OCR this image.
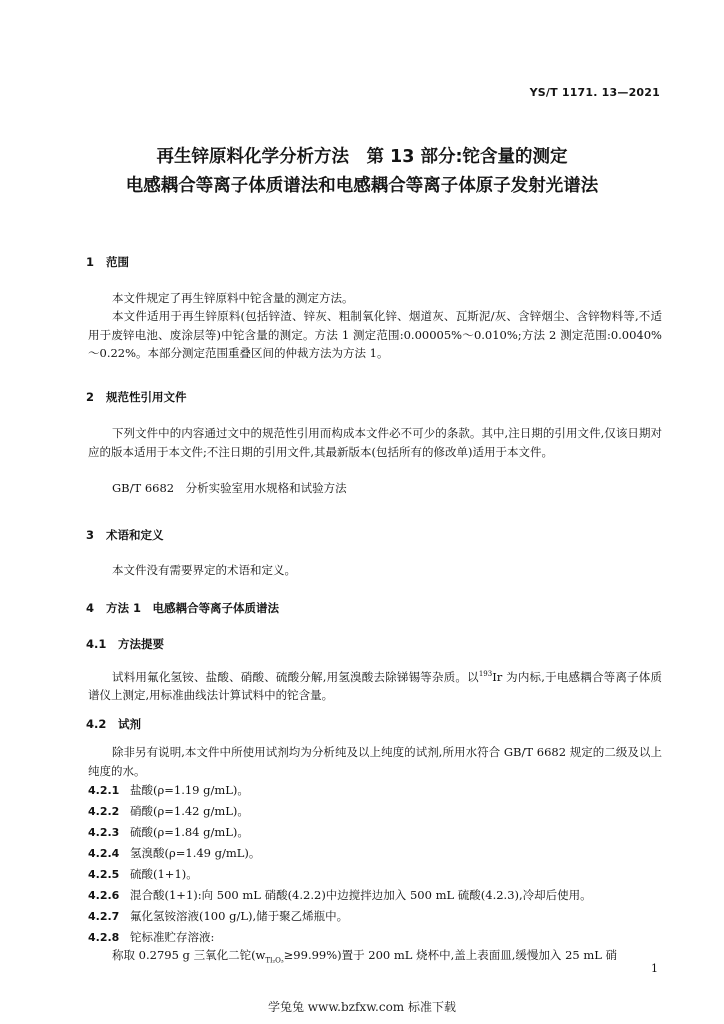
YS/T 1171. 13—2021
再生锌原料化学分析方法　第 13 部分:铊含量的测定
电感耦合等离子体质谱法和电感耦合等离子体原子发射光谱法
1 范围
本文件规定了再生锌原料中铊含量的测定方法。
本文件适用于再生锌原料(包括锌渣、锌灰、粗制氧化锌、烟道灰、瓦斯泥/灰、含锌烟尘、含锌物料等,不适用于废锌电池、废涂层等)中铊含量的测定。方法 1 测定范围:0.00005%～0.010%;方法 2 测定范围:0.0040%～0.22%。本部分测定范围重叠区间的仲裁方法为方法 1。
2 规范性引用文件
下列文件中的内容通过文中的规范性引用而构成本文件必不可少的条款。其中,注日期的引用文件,仅该日期对应的版本适用于本文件;不注日期的引用文件,其最新版本(包括所有的修改单)适用于本文件。
GB/T 6682　分析实验室用水规格和试验方法
3 术语和定义
本文件没有需要界定的术语和定义。
4 方法 1　电感耦合等离子体质谱法
4.1 方法提要
试料用氟化氢铵、盐酸、硝酸、硫酸分解,用氢溴酸去除锑锡等杂质。以$^{193}$Ir 为内标,于电感耦合等离子体质谱仪上测定,用标准曲线法计算试料中的铊含量。
4.2 试剂
除非另有说明,本文件中所使用试剂均为分析纯及以上纯度的试剂,所用水符合 GB/T 6682 规定的二级及以上纯度的水。
4.2.1 盐酸(ρ=1.19 g/mL)。
4.2.2 硝酸(ρ=1.42 g/mL)。
4.2.3 硫酸(ρ=1.84 g/mL)。
4.2.4 氢溴酸(ρ=1.49 g/mL)。
4.2.5 硫酸(1+1)。
4.2.6 混合酸(1+1):向 500 mL 硝酸(4.2.2)中边搅拌边加入 500 mL 硫酸(4.2.3),冷却后使用。
4.2.7 氟化氢铵溶液(100 g/L),储于聚乙烯瓶中。
4.2.8 铊标准贮存溶液:
称取 0.2795 g 三氧化二铊$(w_{Tl_2O_3}\ge 99.99\%)$置于 200 mL 烧杯中,盖上表面皿,缓慢加入 25 mL 硝
1
学兔兔 www.bzfxw.com 标准下载
